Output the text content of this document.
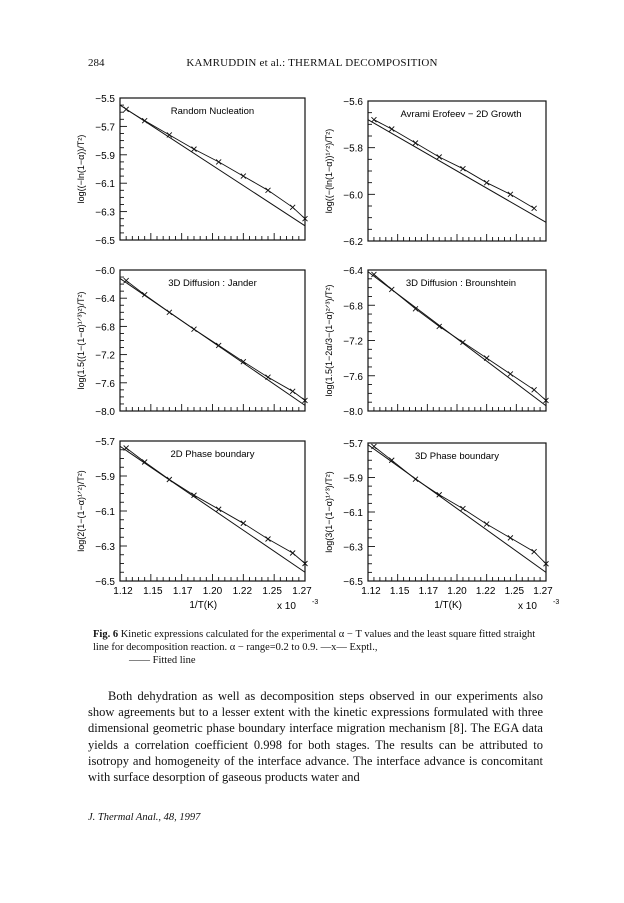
284	KAMRUDDIN et al.: THERMAL DECOMPOSITION
−5.5
−5.7
−5.9
−6.1
−6.3
−6.5
log((−ln(1−α))/T²)
Random Nucleation
−5.6
−5.8
−6.0
−6.2
log((−(ln(1−α))¹ᐟ²)/T²)
Avrami Erofeev − 2D Growth
−6.0
−6.4
−6.8
−7.2
−7.6
−8.0
log(1.5((1−(1−α)¹ᐟ³)²)/T²)
3D Diffusion : Jander
−6.4
−6.8
−7.2
−7.6
−8.0
log(1.5(1−2α/3−(1−α)²ᐟ³)/T²)
3D Diffusion : Brounshtein
−5.7
−5.9
−6.1
−6.3
−6.5
log(2(1−(1−α)¹ᐟ²)/T²)
2D Phase boundary
1.12 1.15 1.17 1.20 1.22 1.25 1.27
1/T(K)	x 10 -3
−5.7
−5.9
−6.1
−6.3
−6.5
log(3(1−(1−α)¹ᐟ³)/T²)
3D Phase boundary
1.12 1.15 1.17 1.20 1.22 1.25 1.27
1/T(K)	x 10 -3
Fig. 6 Kinetic expressions calculated for the experimental α − T values and the least square fitted straight line for decomposition reaction. α − range=0.2 to 0.9. —x— Exptl.,
—— Fitted line

Both dehydration as well as decomposition steps observed in our experiments also show agreements but to a lesser extent with the kinetic expressions formulated with three dimensional geometric phase boundary interface migration mechanism [8]. The EGA data yields a correlation coefficient 0.998 for both stages. The results can be attributed to isotropy and homogeneity of the interface advance. The interface advance is concomitant with surface desorption of gaseous products water and

J. Thermal Anal., 48, 1997
